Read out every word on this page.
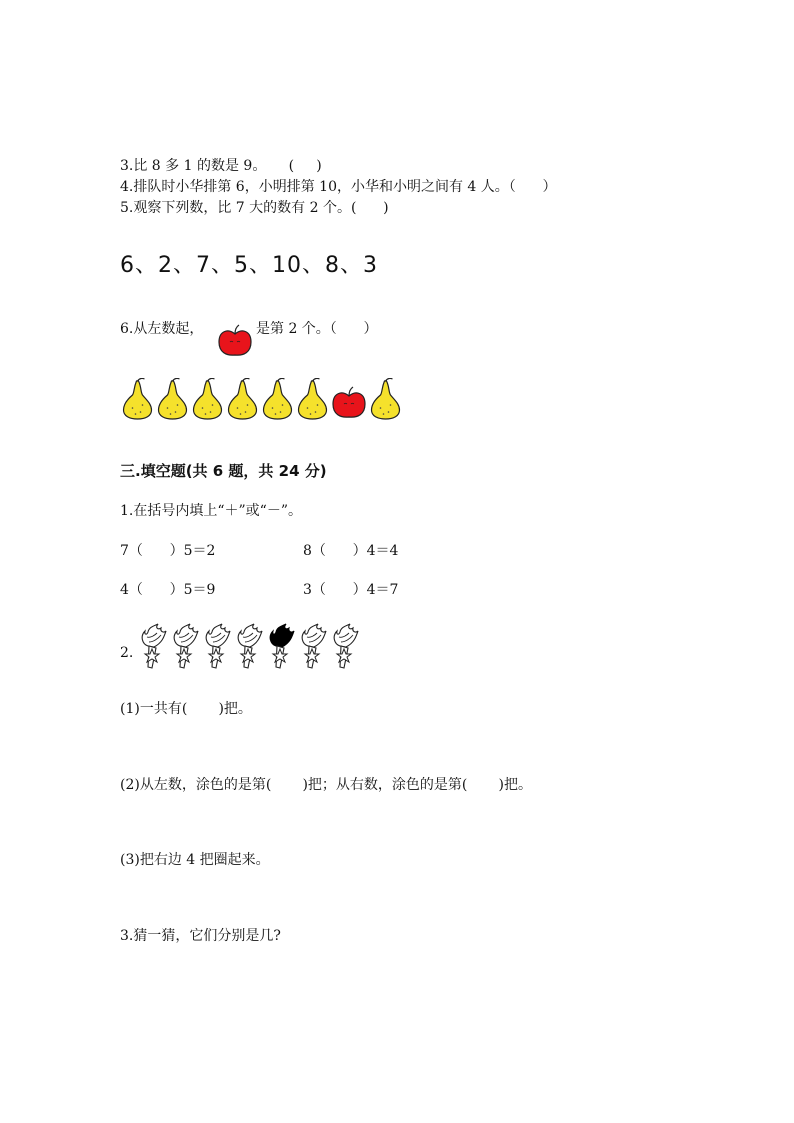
3.比 8 多 1 的数是 9。     (     )
4.排队时小华排第 6，小明排第 10，小华和小明之间有 4 人。（      ）
5.观察下列数，比 7 大的数有 2 个。(      )
6、2、7、5、10、8、3
6.从左数起，	是第 2 个。（      ）
三.填空题(共 6 题，共 24 分)
1.在括号内填上“＋”或“－”。
7（      ）5＝2	8（      ）4＝4
4（      ）5＝9	3（      ）4＝7
2.
(1)一共有(       )把。
(2)从左数，涂色的是第(       )把；从右数，涂色的是第(       )把。
(3)把右边 4 把圈起来。
3.猜一猜，它们分别是几?
